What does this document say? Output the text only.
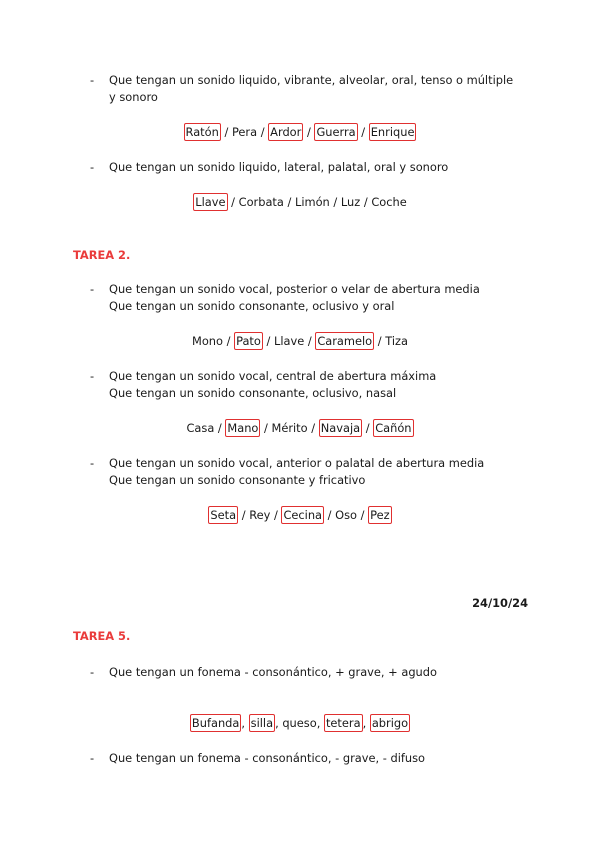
- Que tengan un sonido liquido, vibrante, alveolar, oral, tenso o múltiple
y sonoro
Ratón / Pera / Ardor / Guerra / Enrique
- Que tengan un sonido liquido, lateral, palatal, oral y sonoro
Llave / Corbata / Limón / Luz / Coche
TAREA 2.
- Que tengan un sonido vocal, posterior o velar de abertura media
Que tengan un sonido consonante, oclusivo y oral
Mono / Pato / Llave / Caramelo / Tiza
- Que tengan un sonido vocal, central de abertura máxima
Que tengan un sonido consonante, oclusivo, nasal
Casa / Mano / Mérito / Navaja / Cañón
- Que tengan un sonido vocal, anterior o palatal de abertura media
Que tengan un sonido consonante y fricativo
Seta / Rey / Cecina / Oso / Pez
24/10/24
TAREA 5.
- Que tengan un fonema - consonántico, + grave, + agudo
Bufanda , silla , queso, tetera , abrigo
- Que tengan un fonema - consonántico, - grave, - difuso
